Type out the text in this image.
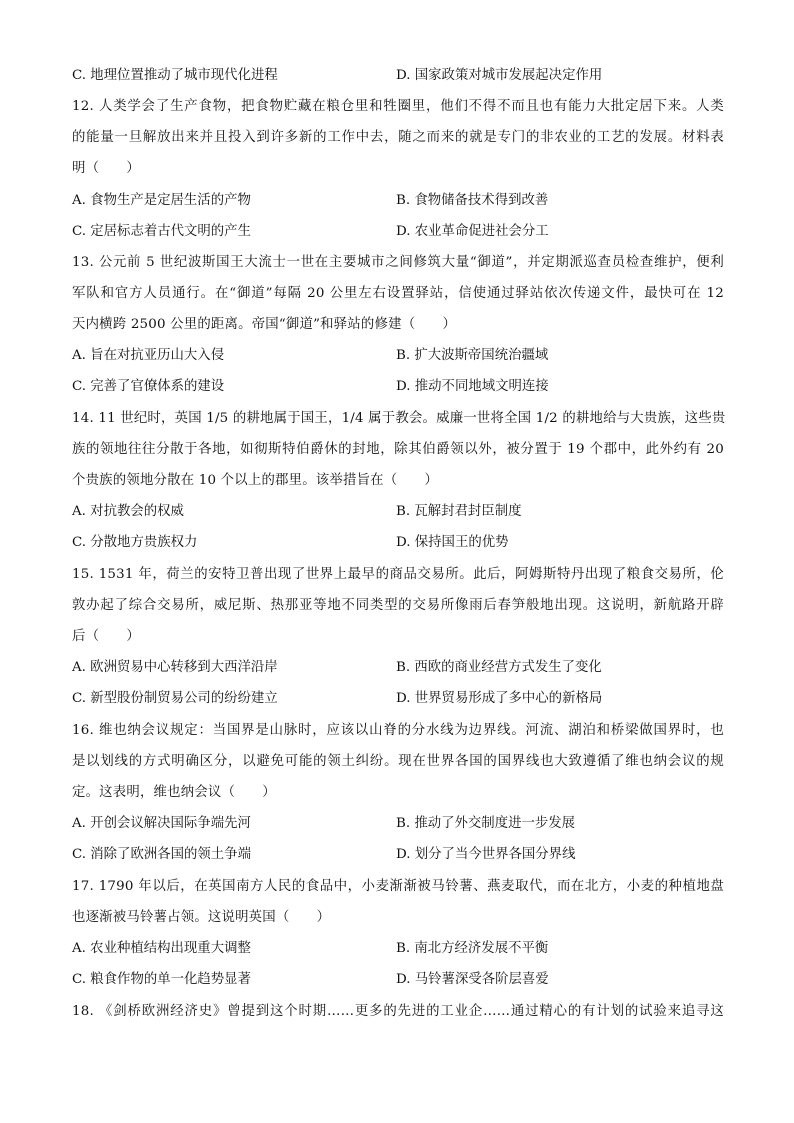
C. 地理位置推动了城市现代化进程	D. 国家政策对城市发展起决定作用
12. 人类学会了生产食物，把食物贮藏在粮仓里和牲圈里，他们不得不而且也有能力大批定居下来。人类
的能量一旦解放出来并且投入到许多新的工作中去，随之而来的就是专门的非农业的工艺的发展。材料表
明（　　）
A. 食物生产是定居生活的产物	B. 食物储备技术得到改善
C. 定居标志着古代文明的产生	D. 农业革命促进社会分工
13. 公元前 5 世纪波斯国王大流士一世在主要城市之间修筑大量“御道”，并定期派巡查员检查维护，便利
军队和官方人员通行。在“御道”每隔 20 公里左右设置驿站，信使通过驿站依次传递文件，最快可在 12
天内横跨 2500 公里的距离。帝国“御道”和驿站的修建（　　）
A. 旨在对抗亚历山大入侵	B. 扩大波斯帝国统治疆域
C. 完善了官僚体系的建设	D. 推动不同地域文明连接
14. 11 世纪时，英国 1/5 的耕地属于国王，1/4 属于教会。威廉一世将全国 1/2 的耕地给与大贵族，这些贵
族的领地往往分散于各地，如彻斯特伯爵休的封地，除其伯爵领以外，被分置于 19 个郡中，此外约有 20
个贵族的领地分散在 10 个以上的郡里。该举措旨在（　　）
A. 对抗教会的权威	B. 瓦解封君封臣制度
C. 分散地方贵族权力	D. 保持国王的优势
15. 1531 年，荷兰的安特卫普出现了世界上最早的商品交易所。此后，阿姆斯特丹出现了粮食交易所，伦
敦办起了综合交易所，威尼斯、热那亚等地不同类型的交易所像雨后春笋般地出现。这说明，新航路开辟
后（　　）
A. 欧洲贸易中心转移到大西洋沿岸	B. 西欧的商业经营方式发生了变化
C. 新型股份制贸易公司的纷纷建立	D. 世界贸易形成了多中心的新格局
16. 维也纳会议规定：当国界是山脉时，应该以山脊的分水线为边界线。河流、湖泊和桥梁做国界时，也
是以划线的方式明确区分，以避免可能的领土纠纷。现在世界各国的国界线也大致遵循了维也纳会议的规
定。这表明，维也纳会议（　　）
A. 开创会议解决国际争端先河	B. 推动了外交制度进一步发展
C. 消除了欧洲各国的领土争端	D. 划分了当今世界各国分界线
17. 1790 年以后，在英国南方人民的食品中，小麦渐渐被马铃薯、燕麦取代，而在北方，小麦的种植地盘
也逐渐被马铃薯占领。这说明英国（　　）
A. 农业种植结构出现重大调整	B. 南北方经济发展不平衡
C. 粮食作物的单一化趋势显著	D. 马铃薯深受各阶层喜爱
18. 《剑桥欧洲经济史》曾提到这个时期……更多的先进的工业企……通过精心的有计划的试验来追寻这
